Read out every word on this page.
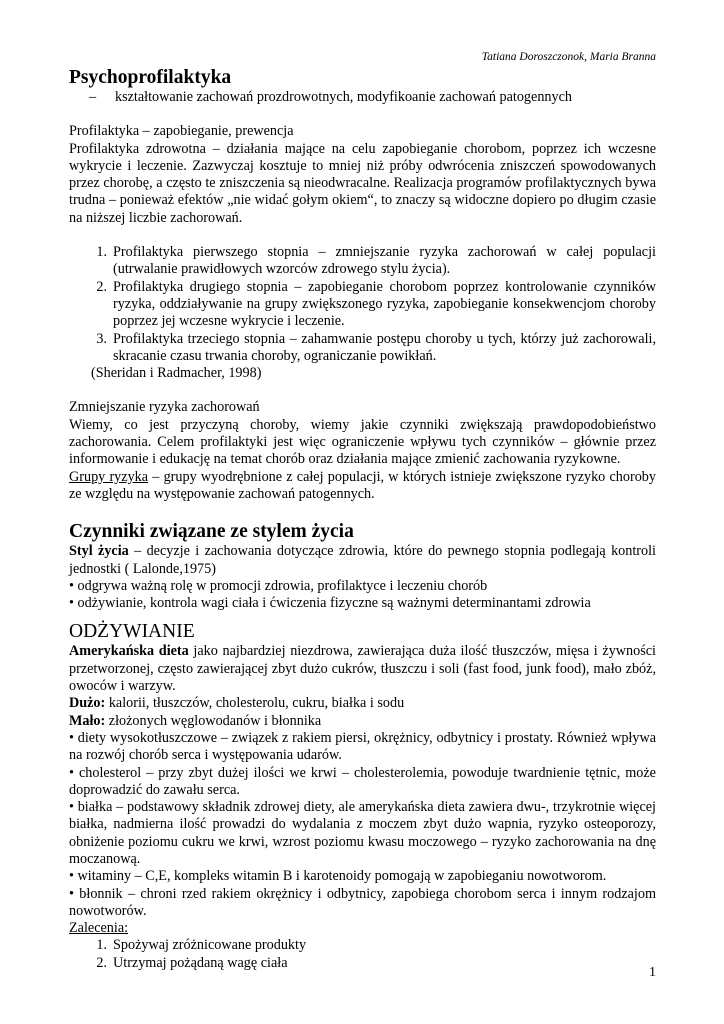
Tatiana Doroszczonok, Maria Branna
Psychoprofilaktyka
–	kształtowanie zachowań prozdrowotnych, modyfikoanie zachowań patogennych

Profilaktyka – zapobieganie, prewencja

Profilaktyka zdrowotna – działania mające na celu zapobieganie chorobom, poprzez ich wczesne wykrycie i leczenie. Zazwyczaj kosztuje to mniej niż próby odwrócenia zniszczeń spowodowanych przez chorobę, a często te zniszczenia są nieodwracalne. Realizacja programów profilaktycznych bywa trudna – ponieważ efektów „nie widać gołym okiem“, to znaczy są widoczne dopiero po długim czasie na niższej liczbie zachorowań.

1. Profilaktyka pierwszego stopnia – zmniejszanie ryzyka zachorowań w całej populacji (utrwalanie prawidłowych wzorców zdrowego stylu życia).
2. Profilaktyka drugiego stopnia – zapobieganie chorobom poprzez kontrolowanie czynników ryzyka, oddziaływanie na grupy zwiększonego ryzyka, zapobieganie konsekwencjom choroby poprzez jej wczesne wykrycie i leczenie.
3. Profilaktyka trzeciego stopnia – zahamwanie postępu choroby u tych, którzy już zachorowali, skracanie czasu trwania choroby, ograniczanie powikłań.

(Sheridan i Radmacher, 1998)

Zmniejszanie ryzyka zachorowań

Wiemy, co jest przyczyną choroby, wiemy jakie czynniki zwiększają prawdopodobieństwo zachorowania. Celem profilaktyki jest więc ograniczenie wpływu tych czynników – głównie przez informowanie i edukację na temat chorób oraz działania mające zmienić zachowania ryzykowne.

Grupy ryzyka – grupy wyodrębnione z całej populacji, w których istnieje zwiększone ryzyko choroby ze względu na występowanie zachowań patogennych.

Czynniki związane ze stylem życia

Styl życia – decyzje i zachowania dotyczące zdrowia, które do pewnego stopnia podlegają kontroli jednostki ( Lalonde,1975)

• odgrywa ważną rolę w promocji zdrowia, profilaktyce i leczeniu chorób

• odżywianie, kontrola wagi ciała i ćwiczenia fizyczne są ważnymi determinantami zdrowia

ODŻYWIANIE

Amerykańska dieta jako najbardziej niezdrowa, zawierająca duża ilość tłuszczów, mięsa i żywności przetworzonej, często zawierającej zbyt dużo cukrów, tłuszczu i soli (fast food, junk food), mało zbóż, owoców i warzyw.

Dużo: kalorii, tłuszczów, cholesterolu, cukru, białka i sodu

Mało: złożonych węglowodanów i błonnika

• diety wysokotłuszczowe – związek z rakiem piersi, okrężnicy, odbytnicy i prostaty. Również wpływa na rozwój chorób serca i występowania udarów.

• cholesterol – przy zbyt dużej ilości we krwi – cholesterolemia, powoduje twardnienie tętnic, może doprowadzić do zawału serca.

• białka – podstawowy składnik zdrowej diety, ale amerykańska dieta zawiera dwu-, trzykrotnie więcej białka, nadmierna ilość prowadzi do wydalania z moczem zbyt dużo wapnia, ryzyko osteoporozy, obniżenie poziomu cukru we krwi, wzrost poziomu kwasu moczowego – ryzyko zachorowania na dnę moczanową.

• witaminy – C,E, kompleks witamin B i karotenoidy pomogają w zapobieganiu nowotworom.

• błonnik – chroni rzed rakiem okrężnicy i odbytnicy, zapobiega chorobom serca i innym rodzajom nowotworów.

Zalecenia:

1. Spożywaj zróżnicowane produkty
2. Utrzymaj pożądaną wagę ciała
1
